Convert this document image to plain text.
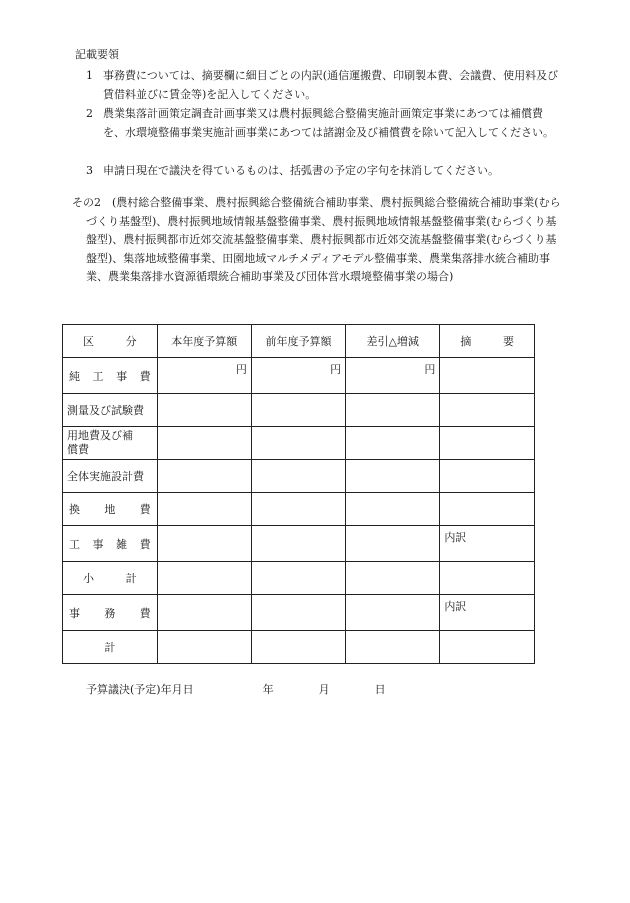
記載要領
1 事務費については、摘要欄に細目ごとの内訳(通信運搬費、印刷製本費、会議費、使用料及び賃借料並びに賃金等)を記入してください。
2 農業集落計画策定調査計画事業又は農村振興総合整備実施計画策定事業にあつては補償費を、水環境整備事業実施計画事業にあつては諸謝金及び補償費を除いて記入してください。
3 申請日現在で議決を得ているものは、括弧書の予定の字句を抹消してください。
その2	(農村総合整備事業、農村振興総合整備統合補助事業、農村振興総合整備統合補助事業(むらづくり基盤型)、農村振興地域情報基盤整備事業、農村振興地域情報基盤整備事業(むらづくり基盤型)、農村振興都市近郊交流基盤整備事業、農村振興都市近郊交流基盤整備事業(むらづくり基盤型)、集落地域整備事業、田園地域マルチメディアモデル整備事業、農業集落排水統合補助事業、農業集落排水資源循環統合補助事業及び団体営水環境整備事業の場合)
区 分	本年度予算額	前年度予算額	差引△増減	摘 要

純 工 事 費	円	円	円	
測量及び試験費				

用地費及び補
償費				

全体実施設計費				

換 地 費				

工 事 雑 費				内訳

小 計				

事 務 費				内訳
計				
予算議決(予定)年月日	年	月	日
